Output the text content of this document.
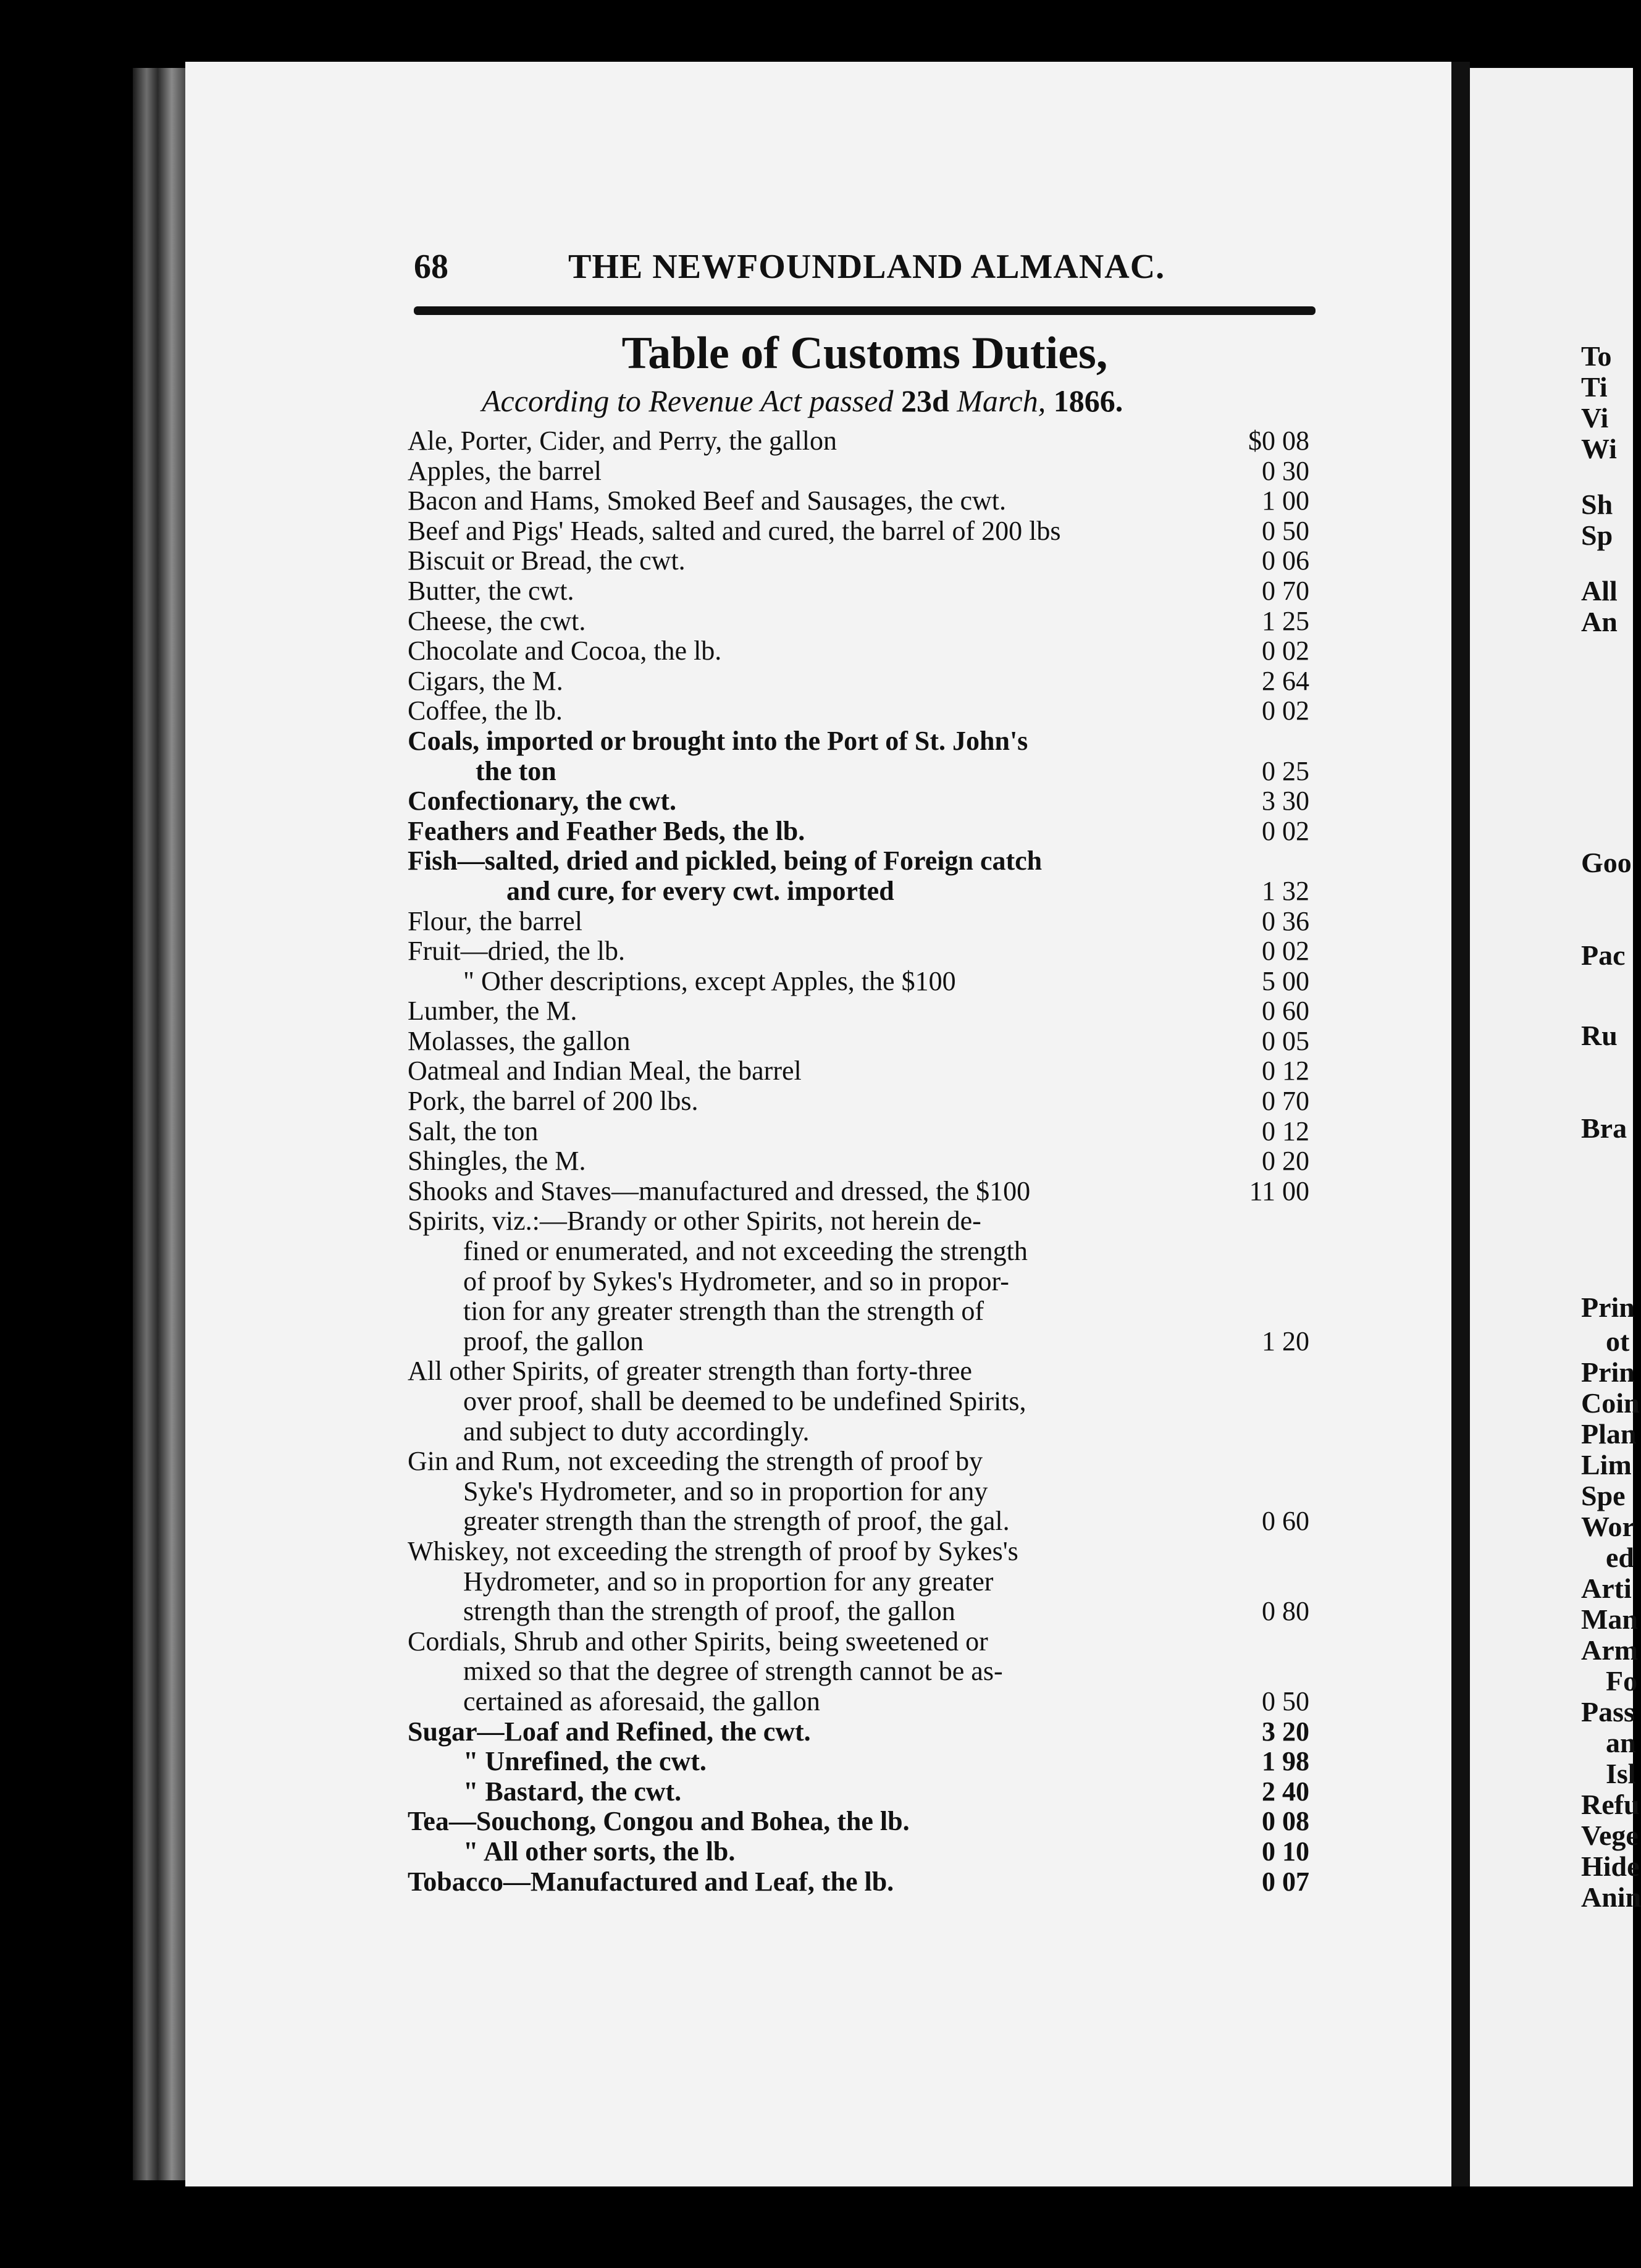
68	THE NEWFOUNDLAND ALMANAC.
Table of Customs Duties,
According to Revenue Act passed 23d March, 1866.
Ale, Porter, Cider, and Perry, the gallon	$0 08
Apples, the barrel	0 30
Bacon and Hams, Smoked Beef and Sausages, the cwt.	1 00
Beef and Pigs' Heads, salted and cured, the barrel of 200 lbs	0 50
Biscuit or Bread, the cwt.	0 06
Butter, the cwt.	0 70
Cheese, the cwt.	1 25
Chocolate and Cocoa, the lb.	0 02
Cigars, the M.	2 64
Coffee, the lb.	0 02
Coals, imported or brought into the Port of St. John's
the ton	0 25
Confectionary, the cwt.	3 30
Feathers and Feather Beds, the lb.	0 02
Fish—salted, dried and pickled, being of Foreign catch
and cure, for every cwt. imported	1 32
Flour, the barrel	0 36
Fruit—dried, the lb.	0 02
" Other descriptions, except Apples, the $100	5 00
Lumber, the M.	0 60
Molasses, the gallon	0 05
Oatmeal and Indian Meal, the barrel	0 12
Pork, the barrel of 200 lbs.	0 70
Salt, the ton	0 12
Shingles, the M.	0 20
Shooks and Staves—manufactured and dressed, the $100	11 00
Spirits, viz.:—Brandy or other Spirits, not herein de-
fined or enumerated, and not exceeding the strength
of proof by Sykes's Hydrometer, and so in propor-
tion for any greater strength than the strength of
proof, the gallon	1 20
All other Spirits, of greater strength than forty-three
over proof, shall be deemed to be undefined Spirits,
and subject to duty accordingly.
Gin and Rum, not exceeding the strength of proof by
Syke's Hydrometer, and so in proportion for any
greater strength than the strength of proof, the gal.	0 60
Whiskey, not exceeding the strength of proof by Sykes's
Hydrometer, and so in proportion for any greater
strength than the strength of proof, the gallon	0 80
Cordials, Shrub and other Spirits, being sweetened or
mixed so that the degree of strength cannot be as-
certained as aforesaid, the gallon	0 50
Sugar—Loaf and Refined, the cwt.	3 20
" Unrefined, the cwt.	1 98
" Bastard, the cwt.	2 40
Tea—Souchong, Congou and Bohea, the lb.	0 08
" All other sorts, the lb.	0 10
Tobacco—Manufactured and Leaf, the lb.	0 07
To
Ti
Vi
Wi
Sh
Sp
All
An
Goo
Pac
Ru
Bra
Prin
ot
Prin
Coin
Plan
Lim
Spe
Wor
ed
Arti
Man
Arm
Fo
Pass
an
Isl
Refu
Vege
Hide
Anin
